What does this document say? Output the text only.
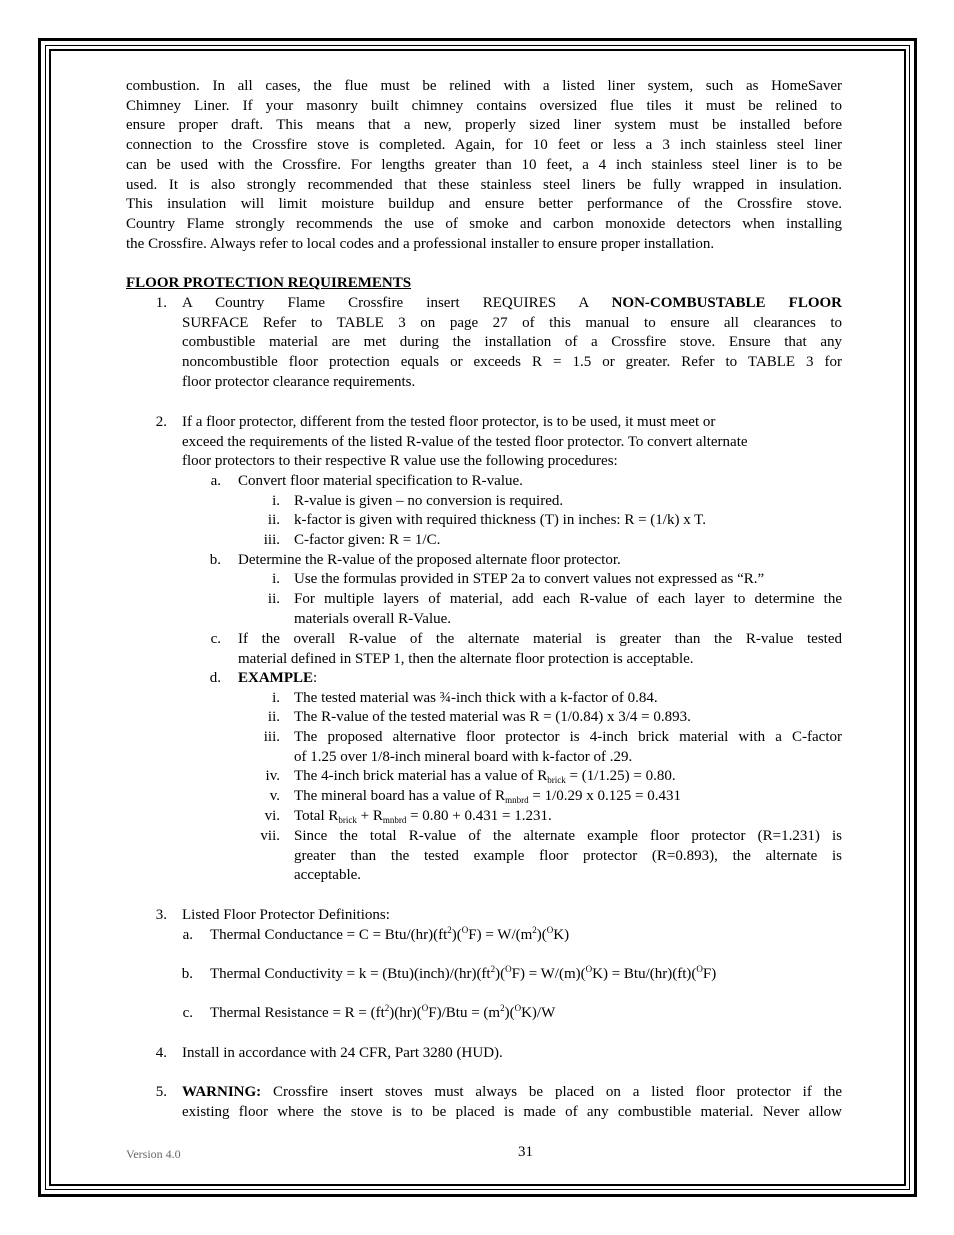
combustion. In all cases, the flue must be relined with a listed liner system, such as HomeSaver
Chimney Liner. If your masonry built chimney contains oversized flue tiles it must be relined to
ensure proper draft. This means that a new, properly sized liner system must be installed before
connection to the Crossfire stove is completed. Again, for 10 feet or less a 3 inch stainless steel liner
can be used with the Crossfire. For lengths greater than 10 feet, a 4 inch stainless steel liner is to be
used. It is also strongly recommended that these stainless steel liners be fully wrapped in insulation.
This insulation will limit moisture buildup and ensure better performance of the Crossfire stove.
Country Flame strongly recommends the use of smoke and carbon monoxide detectors when installing
the Crossfire. Always refer to local codes and a professional installer to ensure proper installation.
FLOOR PROTECTION REQUIREMENTS
1. A Country Flame Crossfire insert REQUIRES A NON-COMBUSTABLE FLOOR
SURFACE Refer to TABLE 3 on page 27 of this manual to ensure all clearances to
combustible material are met during the installation of a Crossfire stove. Ensure that any
noncombustible floor protection equals or exceeds R = 1.5 or greater. Refer to TABLE 3 for
floor protector clearance requirements.
2. If a floor protector, different from the tested floor protector, is to be used, it must meet or
exceed the requirements of the listed R-value of the tested floor protector. To convert alternate
floor protectors to their respective R value use the following procedures:
a. Convert floor material specification to R-value.
i. R-value is given – no conversion is required.
ii. k-factor is given with required thickness (T) in inches: R = (1/k) x T.
iii. C-factor given: R = 1/C.
b. Determine the R-value of the proposed alternate floor protector.
i. Use the formulas provided in STEP 2a to convert values not expressed as “R.”
ii. For multiple layers of material, add each R-value of each layer to determine the
materials overall R-Value.
c. If the overall R-value of the alternate material is greater than the R-value tested
material defined in STEP 1, then the alternate floor protection is acceptable.
d. EXAMPLE:
i. The tested material was ¾-inch thick with a k-factor of 0.84.
ii. The R-value of the tested material was R = (1/0.84) x 3/4 = 0.893.
iii. The proposed alternative floor protector is 4-inch brick material with a C-factor
of 1.25 over 1/8-inch mineral board with k-factor of .29.
iv. The 4-inch brick material has a value of $R_{brick} = (1/1.25) = 0.80$.
v. The mineral board has a value of $R_{mnbrd} = 1/0.29$ x 0.125 = 0.431
vi. Total $R_{brick} + R_{mnbrd} = 0.80 + 0.431 = 1.231$.
vii. Since the total R-value of the alternate example floor protector (R=1.231) is
greater than the tested example floor protector (R=0.893), the alternate is
acceptable.
3. Listed Floor Protector Definitions:
a. Thermal Conductance = C = Btu/$(hr)(ft^2)(^OF) = W/(m^2)(^OK)$
b. Thermal Conductivity = $k = (Btu)(inch)/(hr)(ft^2)(^OF) = W/(m)(^OK) = Btu/(hr)(ft)(^OF)$
c. Thermal Resistance = $R = (ft^2)(hr)(^OF)$/Btu = $(m^2)(^OK)/W$
4. Install in accordance with 24 CFR, Part 3280 (HUD).
5. WARNING: Crossfire insert stoves must always be placed on a listed floor protector if the
existing floor where the stove is to be placed is made of any combustible material. Never allow
Version 4.0	31
